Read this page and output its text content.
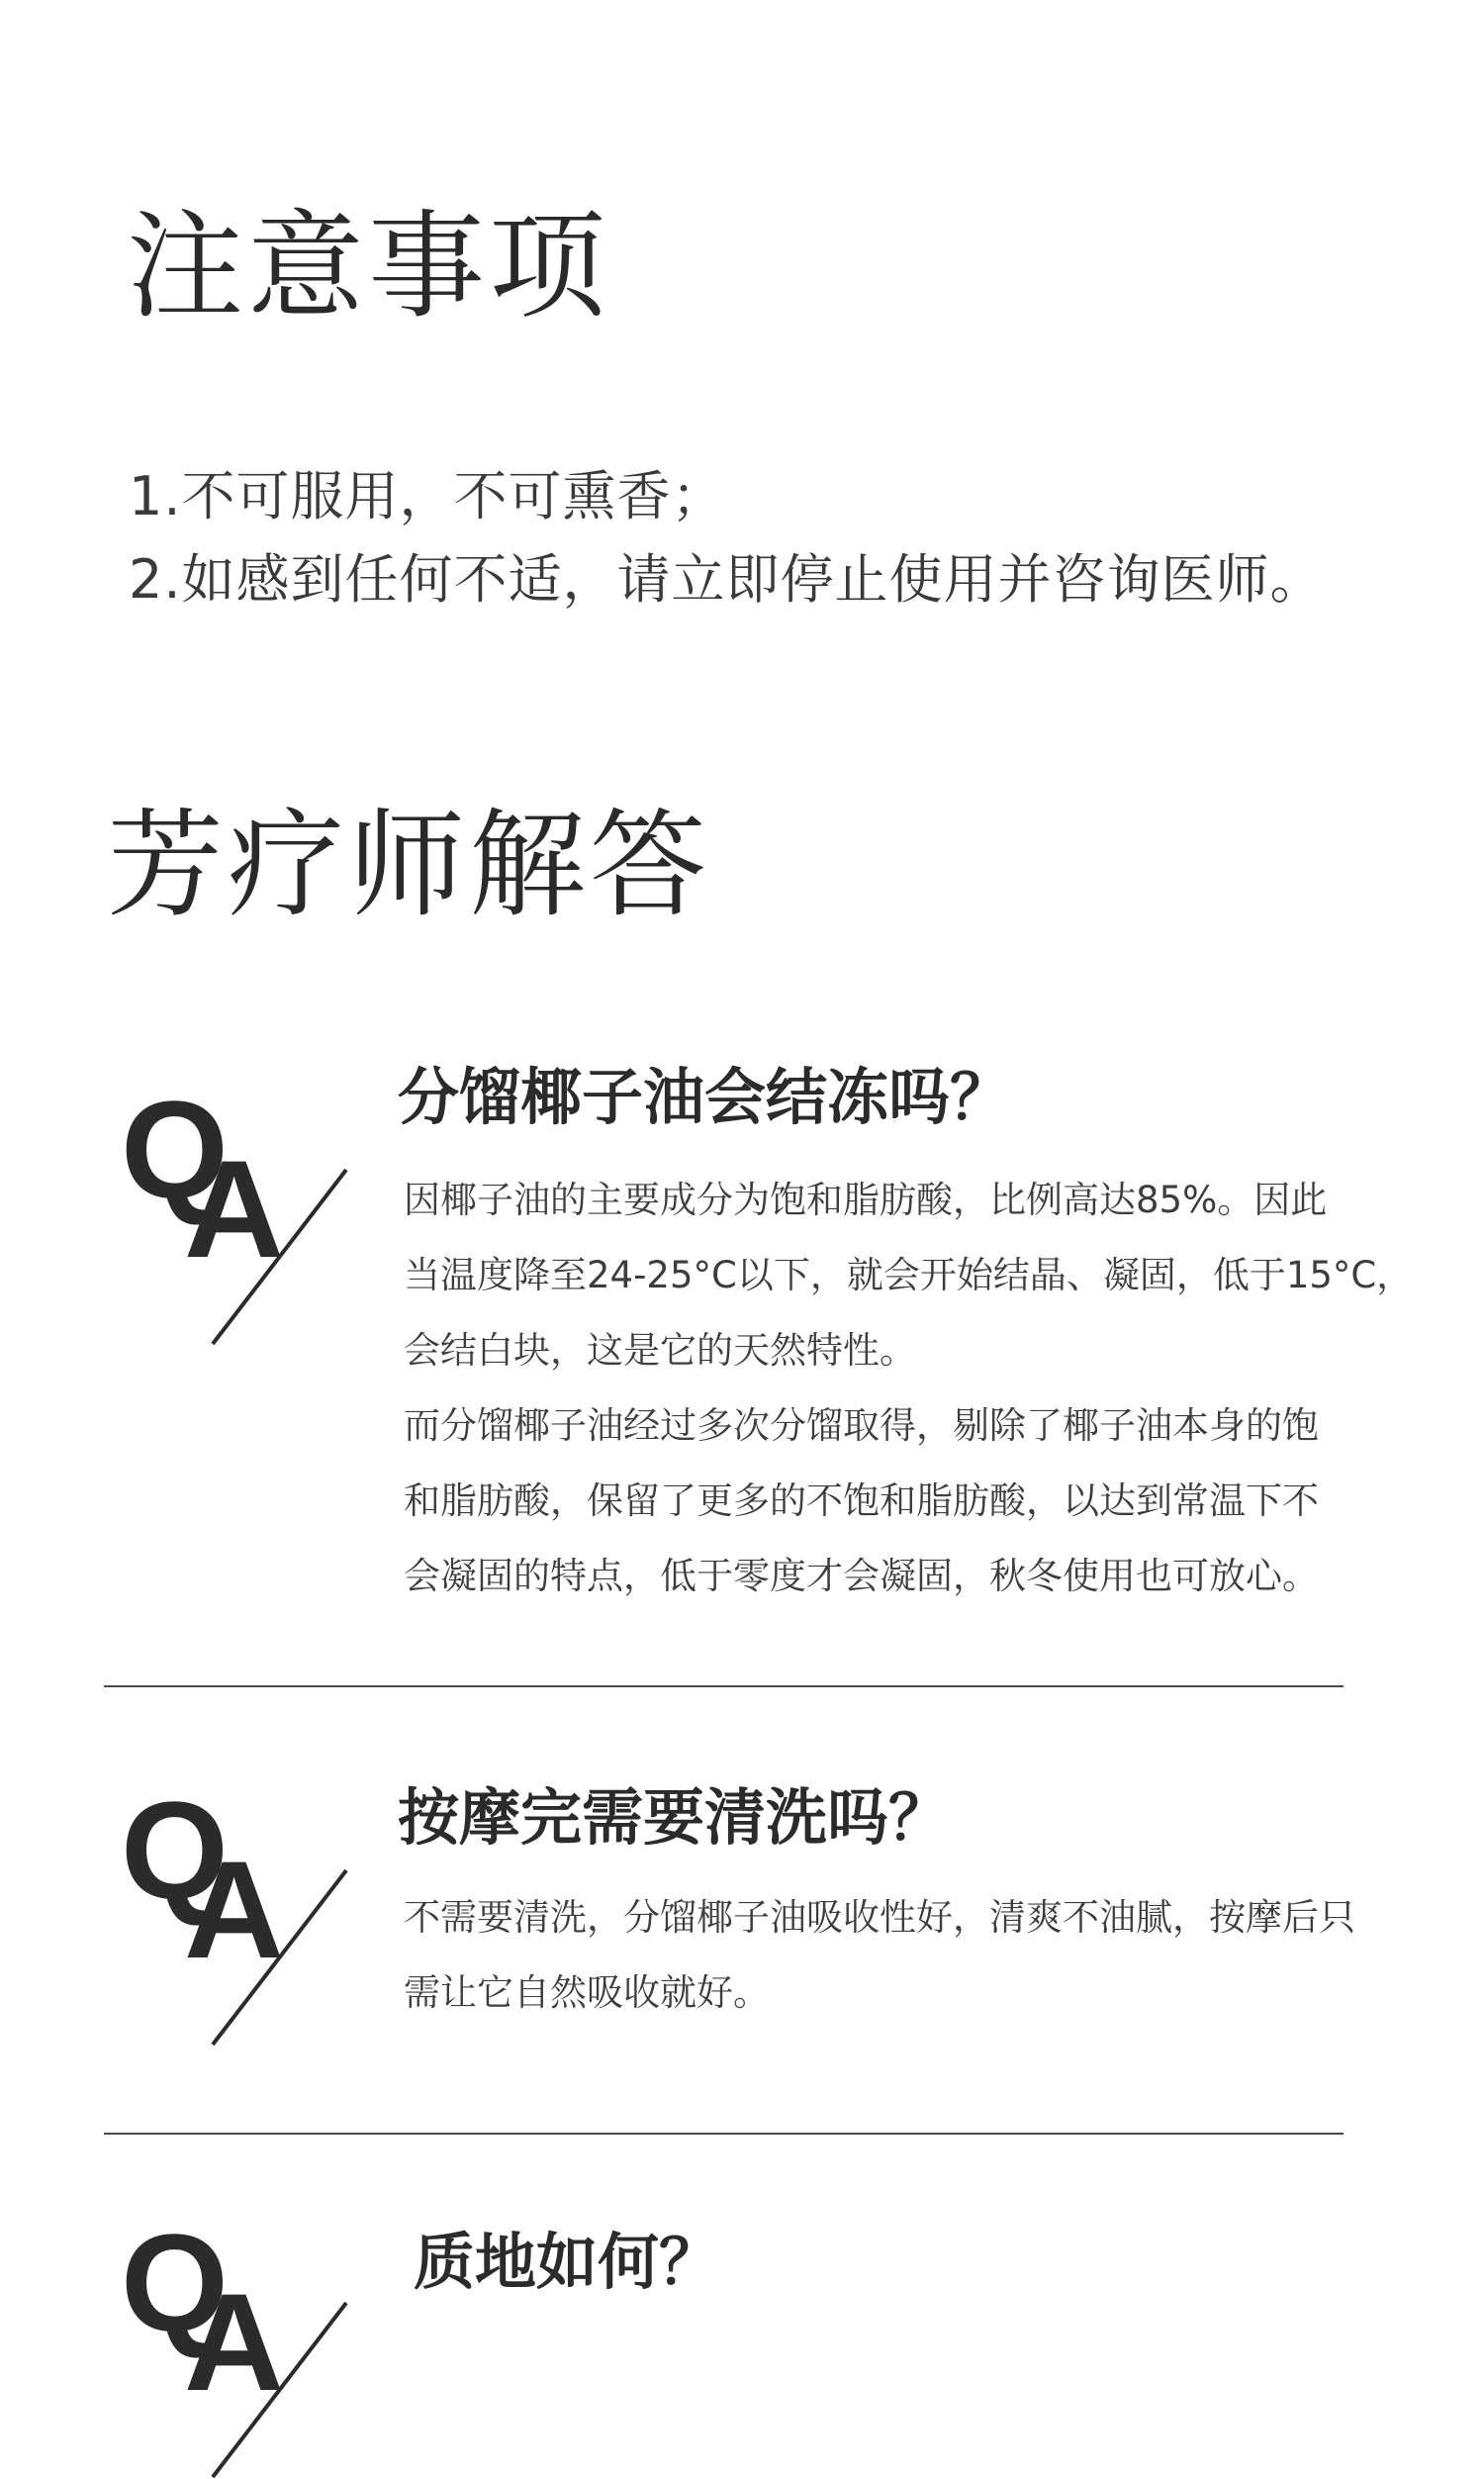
注意事项
1.不可服用，不可熏香；
2.如感到任何不适，请立即停止使用并咨询医师。
芳疗师解答
Q
A
分馏椰子油会结冻吗？
因椰子油的主要成分为饱和脂肪酸，比例高达85%。因此
当温度降至24-25°C以下，就会开始结晶、凝固，低于15°C，
会结白块，这是它的天然特性。
而分馏椰子油经过多次分馏取得，剔除了椰子油本身的饱
和脂肪酸，保留了更多的不饱和脂肪酸，以达到常温下不
会凝固的特点，低于零度才会凝固，秋冬使用也可放心。
Q
A
按摩完需要清洗吗？
不需要清洗，分馏椰子油吸收性好，清爽不油腻，按摩后只
需让它自然吸收就好。
Q
A
质地如何？
